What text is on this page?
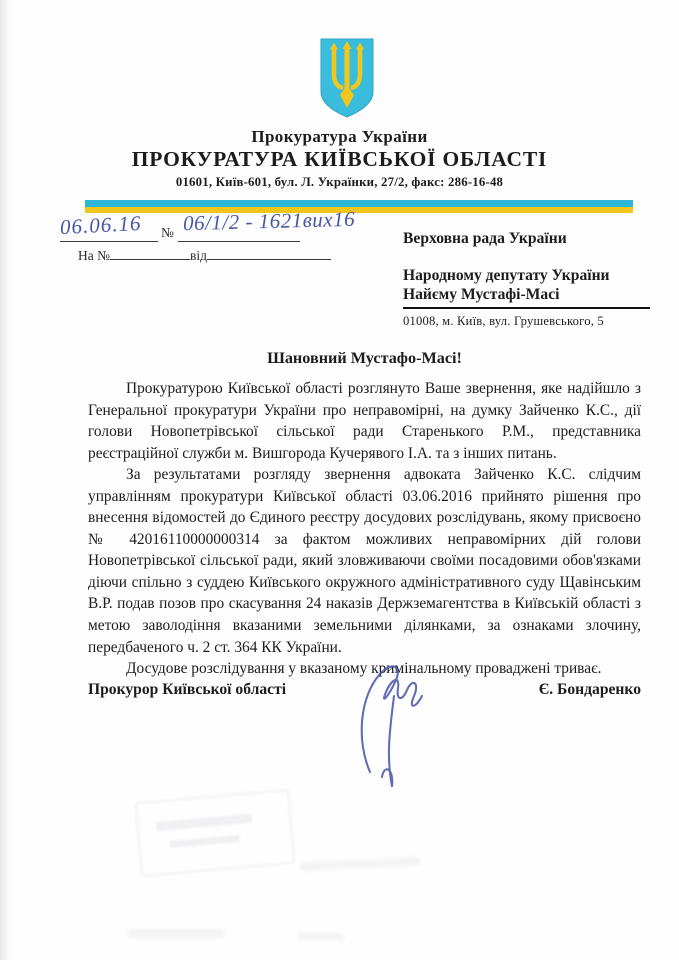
Прокуратура України
ПРОКУРАТУРА КИЇВСЬКОЇ ОБЛАСТІ
01601, Київ-601, бул. Л. Українки, 27/2, факс: 286-16-48
06.06.16 № 06/1/2 - 1621вих16
На №	від
Верховна рада України
Народному депутату України
Найєму Мустафі-Масі
01008, м. Київ, вул. Грушевського, 5
Шановний Мустафо-Масі!

Прокуратурою Київської області розглянуто Ваше звернення, яке надійшло з Генеральної прокуратури України про неправомірні, на думку Зайченко К.С., дії голови Новопетрівської сільської ради Старенького Р.М., представника реєстраційної служби м. Вишгорода Кучерявого І.А. та з інших питань.

За результатами розгляду звернення адвоката Зайченко К.С. слідчим управлінням прокуратури Київської області 03.06.2016 прийнято рішення про внесення відомостей до Єдиного реєстру досудових розслідувань, якому присвоєно № 42016110000000314 за фактом можливих неправомірних дій голови Новопетрівської сільської ради, який зловживаючи своїми посадовими обов'язками діючи спільно з суддею Київського окружного адміністративного суду Щавінським В.Р. подав позов про скасування 24 наказів Держземагентства в Київській області з метою заволодіння вказаними земельними ділянками, за ознаками злочину, передбаченого ч. 2 ст. 364 КК України.

Досудове розслідування у вказаному кримінальному проваджені триває.

Прокурор Київської області	Є. Бондаренко
